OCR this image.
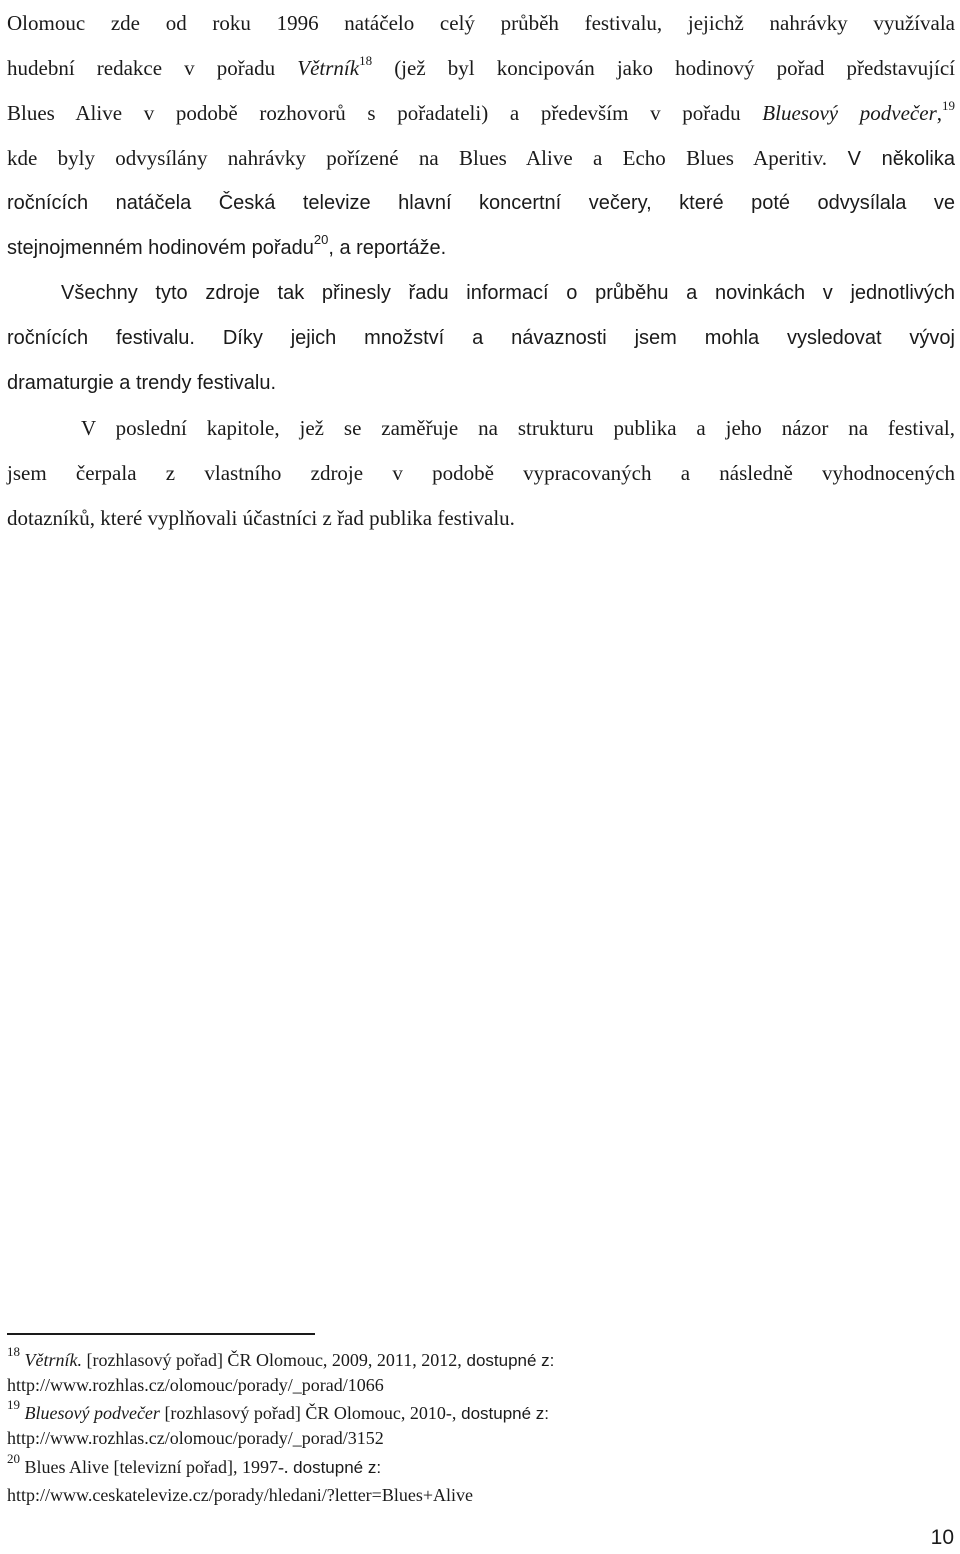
Olomouc zde od roku 1996 natáčelo celý průběh festivalu, jejichž nahrávky využívala
hudební redakce v pořadu Větrník$^{18}$ (jež byl koncipován jako hodinový pořad představující
Blues Alive v podobě rozhovorů s pořadateli) a především v pořadu Bluesový podvečer,$^{19}$
kde byly odvysílány nahrávky pořízené na Blues Alive a Echo Blues Aperitiv. V několika
ročnících natáčela Česká televize hlavní koncertní večery, které poté odvysílala ve
stejnojmenném hodinovém pořadu$^{20}$, a reportáže.
Všechny tyto zdroje tak přinesly řadu informací o průběhu a novinkách v jednotlivých
ročnících festivalu. Díky jejich množství a návaznosti jsem mohla vysledovat vývoj
dramaturgie a trendy festivalu.
V poslední kapitole, jež se zaměřuje na strukturu publika a jeho názor na festival,
jsem čerpala z vlastního zdroje v podobě vypracovaných a následně vyhodnocených
dotazníků, které vyplňovali účastníci z řad publika festivalu.
$^{18}$ Větrník. [rozhlasový pořad] ČR Olomouc, 2009, 2011, 2012, dostupné z:
http://www.rozhlas.cz/olomouc/porady/_porad/1066
$^{19}$ Bluesový podvečer [rozhlasový pořad] ČR Olomouc, 2010-, dostupné z:
http://www.rozhlas.cz/olomouc/porady/_porad/3152
$^{20}$ Blues Alive [televizní pořad], 1997-. dostupné z:
http://www.ceskatelevize.cz/porady/hledani/?letter=Blues+Alive
10
